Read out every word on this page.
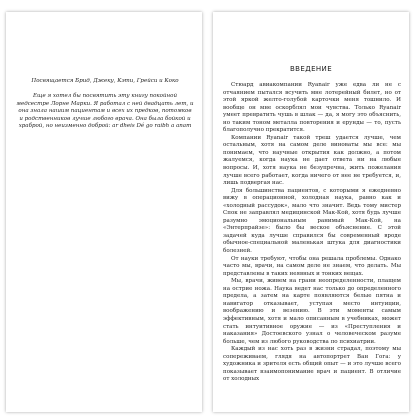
Посвящается Брид, Джеку, Кэти, Грейси и Коко
Еще я хотел бы посвятить эту книгу покойной медсестре Лорне Марки. Я работал с ней двадцать лет, и она знала нашим пациентам и всех их предков, потомков и родственников лучше любого врача. Она была бойкой и храброй, но неизменно доброй: ar dheis Dé go raibh a anam
ВВЕДЕНИЕ

Стюард авиакомпании Ryanair уже едва ли не с отчаянием пытался всучить мне лотерейный билет, но от этой яркой желто-голубой карточки меня тошнило. И вообще он мне оскорблял мои чувства. Только Ryanair умеет превратить чушь в шлак — да, я могу это объяснить, но таким тоном металла повторения и ерунды — то, пусть благополучно прекратится.

Компании Ryanair такой треш удается лучше, чем остальным, хотя на самом деле виноваты мы все: мы понимаем, что научные открытия как должно, а потом жалуемся, когда наука не дает ответа ни на любые вопросы. И, хотя наука не безупречна, жить пожелания лучше всего работает, когда ничего от нее не требуется, и, лишь подвергая нас.

Для большинства пациентов, с которыми я ежедневно вижу в операционной, холодная наука, равно как и «холодный рассудок», мало что значит. Ведь тому мистер Спок не заправлял медицинской Мак-Кой, хотя будь лучше разумно эмоциональным ранимый Мак-Кой, на «Энтерпрайзе»: было бы веское объяснение. С этой задачей куда лучше справился бы современный вроде обычное-специальной маленькая штука для диагностики болезней.

От науки требуют, чтобы она решала проблемы. Однако часто мы, врачи, на самом деле не знаем, что делать. Мы представлены в таких неявных и тонких вещах.

Мы, врачи, живем на грани неопределенности, плащем на острие ножа. Наука ведет нас только до определенного предела, а затем на карте появляются белые пятна и навигатор отказывает, уступая место интуиции, воображению и везению. В эти моменты самым эффективным, хотя и мало описанным в учебниках, может стать интуитивное оружие — из «Преступления и наказания» Достоевского узнал о человеческом разуме больше, чем из любого руководства по психиатрии.

Каждый из нас хоть раз в жизни страдал, поэтому мы сопереживаем, глядя на автопортрет Ван Гога: у художника и зрителя есть общий опыт — и это лучше всего показывает взаимопонимание врач и пациент. В отличие от холодных
